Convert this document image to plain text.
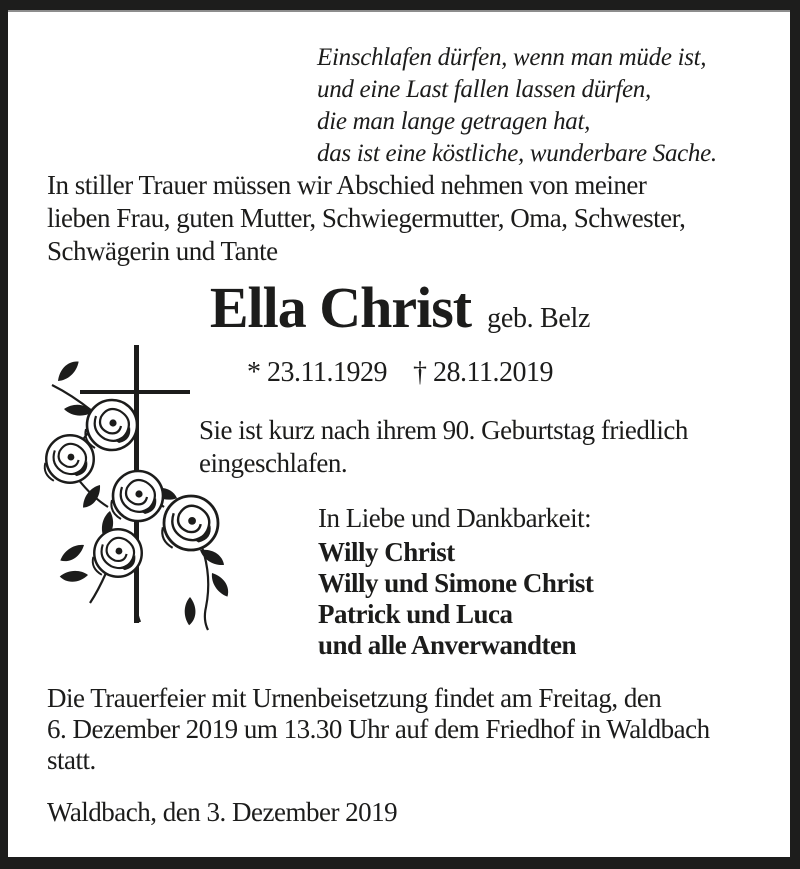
Einschlafen dürfen, wenn man müde ist,
und eine Last fallen lassen dürfen,
die man lange getragen hat,
das ist eine köstliche, wunderbare Sache.
In stiller Trauer müssen wir Abschied nehmen von meiner
lieben Frau, guten Mutter, Schwiegermutter, Oma, Schwester,
Schwägerin und Tante
Ella Christ geb. Belz
* 23.11.1929 † 28.11.2019
Sie ist kurz nach ihrem 90. Geburtstag friedlich
eingeschlafen.
In Liebe und Dankbarkeit:
Willy Christ
Willy und Simone Christ
Patrick und Luca
und alle Anverwandten
Die Trauerfeier mit Urnenbeisetzung findet am Freitag, den
6. Dezember 2019 um 13.30 Uhr auf dem Friedhof in Waldbach
statt.
Waldbach, den 3. Dezember 2019
